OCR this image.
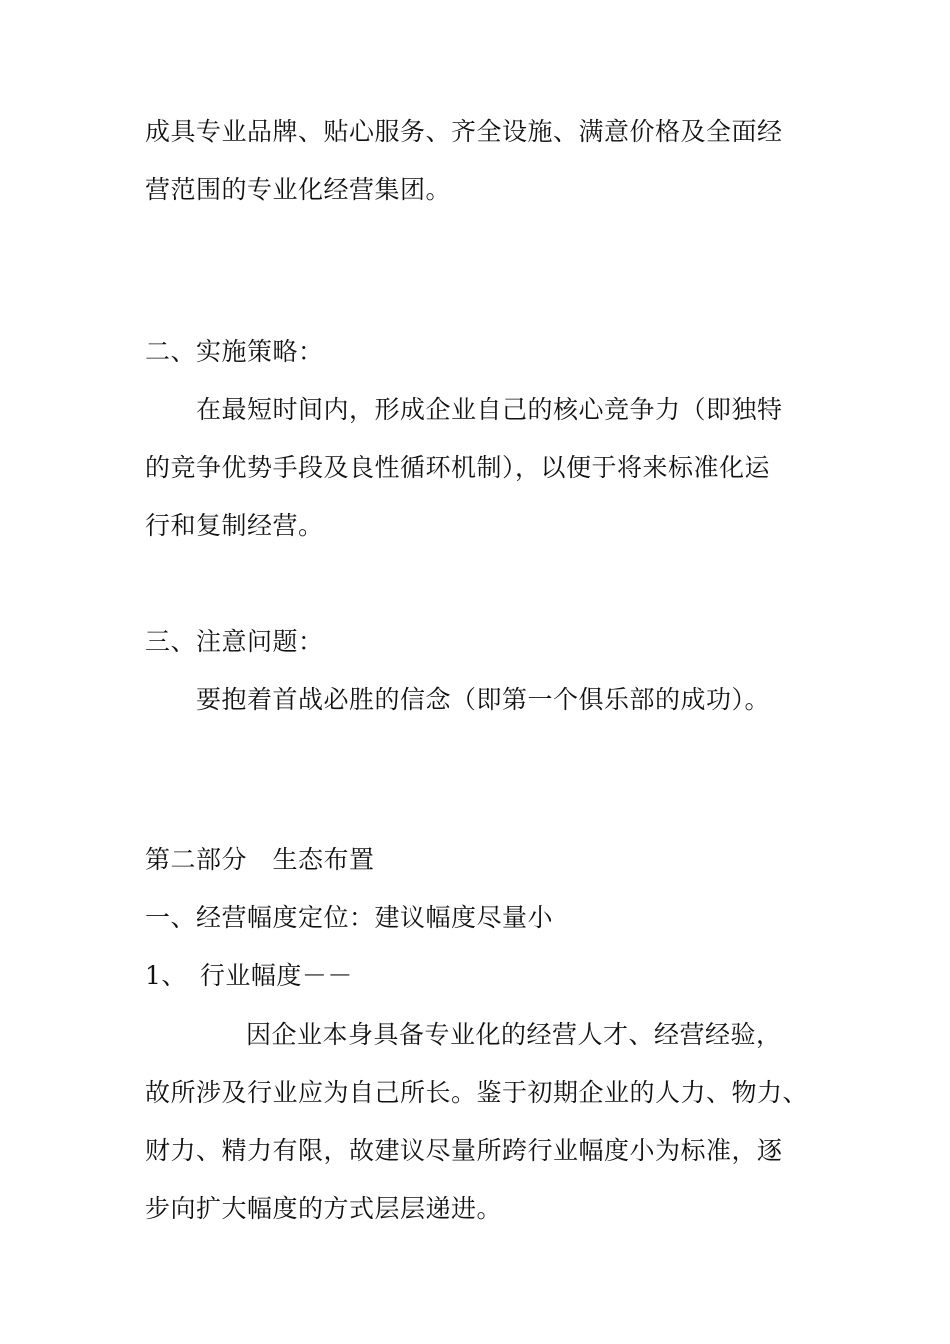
成具专业品牌、贴心服务、齐全设施、满意价格及全面经
营范围的专业化经营集团。
二、实施策略：
在最短时间内，形成企业自己的核心竞争力（即独特
的竞争优势手段及良性循环机制），以便于将来标准化运
行和复制经营。
三、注意问题：
要抱着首战必胜的信念（即第一个俱乐部的成功）。
第二部分　生态布置
一、经营幅度定位：建议幅度尽量小
1、　行业幅度－－
因企业本身具备专业化的经营人才、经营经验，
故所涉及行业应为自己所长。鉴于初期企业的人力、物力、
财力、精力有限，故建议尽量所跨行业幅度小为标准，逐
步向扩大幅度的方式层层递进。
